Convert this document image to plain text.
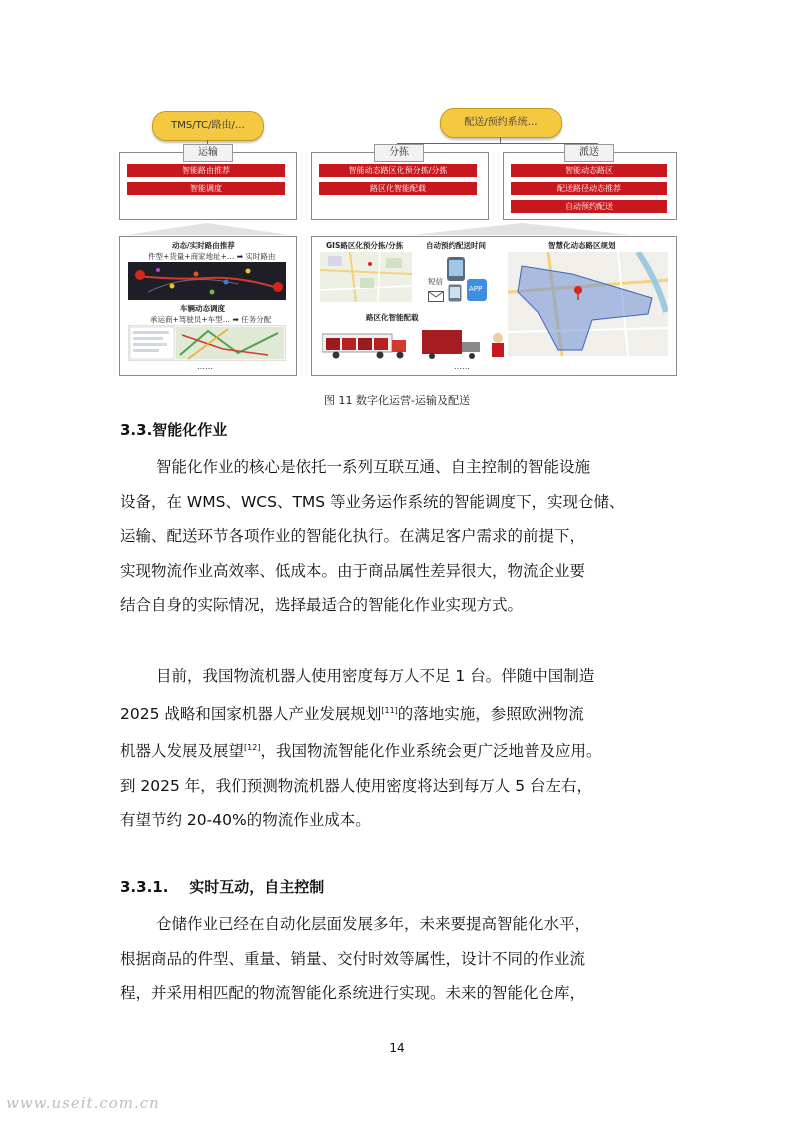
TMS/TC/路由/…	配送/预约系统…
运输
智能路由推荐
智能调度
分拣
智能动态路区化预分拣/分拣
路区化智能配载
派送
智能动态路区
配送路径动态推荐
自动预约配送
动态/实时路由推荐
件型+货量+商家地址+… ➡ 实时路由
车辆动态调度
承运商+驾驶员+车型… ➡ 任务分配
……
GIS路区化预分拣/分拣	自动预约配送时间	智慧化动态路区规划
短信
APP
路区化智能配载
……
图 11 数字化运营-运输及配送
3.3.智能化作业
智能化作业的核心是依托一系列互联互通、自主控制的智能设施
设备，在 WMS、WCS、TMS 等业务运作系统的智能调度下，实现仓储、
运输、配送环节各项作业的智能化执行。在满足客户需求的前提下，
实现物流作业高效率、低成本。由于商品属性差异很大，物流企业要
结合自身的实际情况，选择最适合的智能化作业实现方式。
目前，我国物流机器人使用密度每万人不足 1 台。伴随中国制造
2025 战略和国家机器人产业发展规划[11]的落地实施，参照欧洲物流
机器人发展及展望[12]，我国物流智能化作业系统会更广泛地普及应用。
到 2025 年，我们预测物流机器人使用密度将达到每万人 5 台左右，
有望节约 20-40%的物流作业成本。
3.3.1.    实时互动，自主控制
仓储作业已经在自动化层面发展多年，未来要提高智能化水平，
根据商品的件型、重量、销量、交付时效等属性，设计不同的作业流
程，并采用相匹配的物流智能化系统进行实现。未来的智能化仓库，
14
www.useit.com.cn
